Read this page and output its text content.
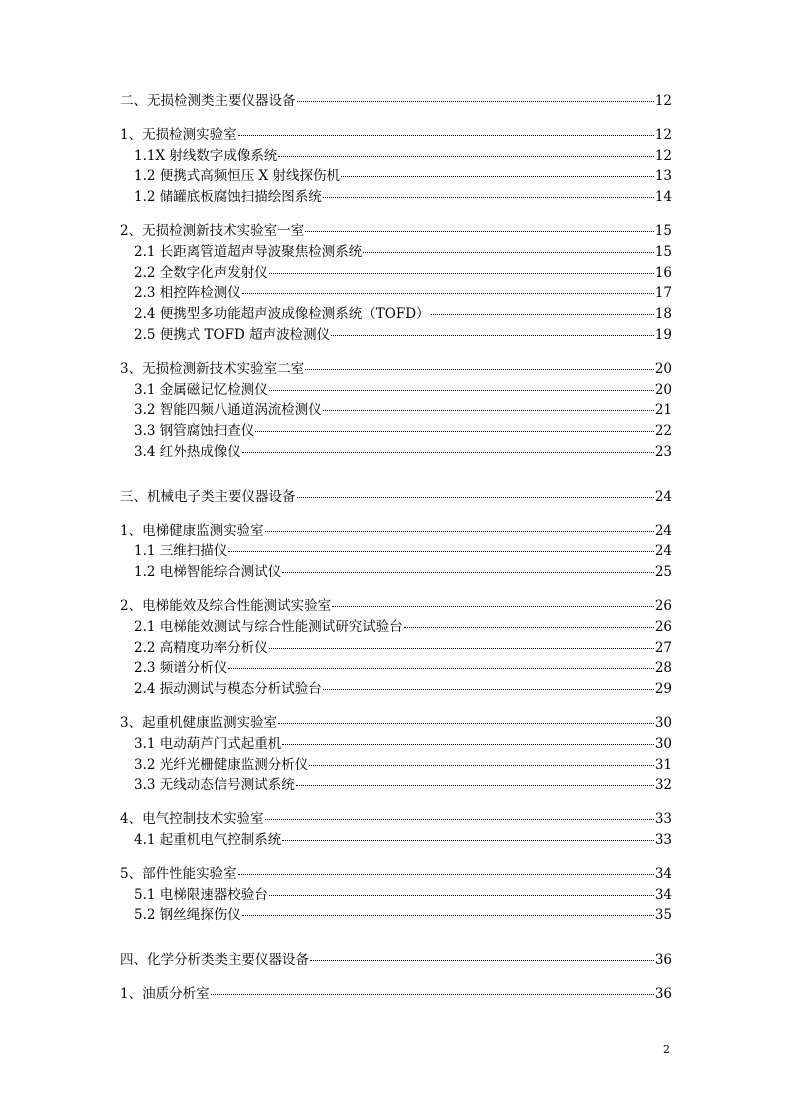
二、无损检测类主要仪器设备	12
1、无损检测实验室	12
1.1X 射线数字成像系统	12
1.2 便携式高频恒压 X 射线探伤机	13
1.2 储罐底板腐蚀扫描绘图系统	14
2、无损检测新技术实验室一室	15
2.1 长距离管道超声导波聚焦检测系统	15
2.2 全数字化声发射仪	16
2.3 相控阵检测仪	17
2.4 便携型多功能超声波成像检测系统（TOFD）	18
2.5 便携式 TOFD 超声波检测仪	19
3、无损检测新技术实验室二室	20
3.1 金属磁记忆检测仪	20
3.2 智能四频八通道涡流检测仪	21
3.3 钢管腐蚀扫查仪	22
3.4 红外热成像仪	23
三、机械电子类主要仪器设备	24
1、电梯健康监测实验室	24
1.1 三维扫描仪	24
1.2 电梯智能综合测试仪	25
2、电梯能效及综合性能测试实验室	26
2.1 电梯能效测试与综合性能测试研究试验台	26
2.2 高精度功率分析仪	27
2.3 频谱分析仪	28
2.4 振动测试与模态分析试验台	29
3、起重机健康监测实验室	30
3.1 电动葫芦门式起重机	30
3.2 光纤光栅健康监测分析仪	31
3.3 无线动态信号测试系统	32
4、电气控制技术实验室	33
4.1 起重机电气控制系统	33
5、部件性能实验室	34
5.1 电梯限速器校验台	34
5.2 钢丝绳探伤仪	35
四、化学分析类类主要仪器设备	36
1、油质分析室	36
2
